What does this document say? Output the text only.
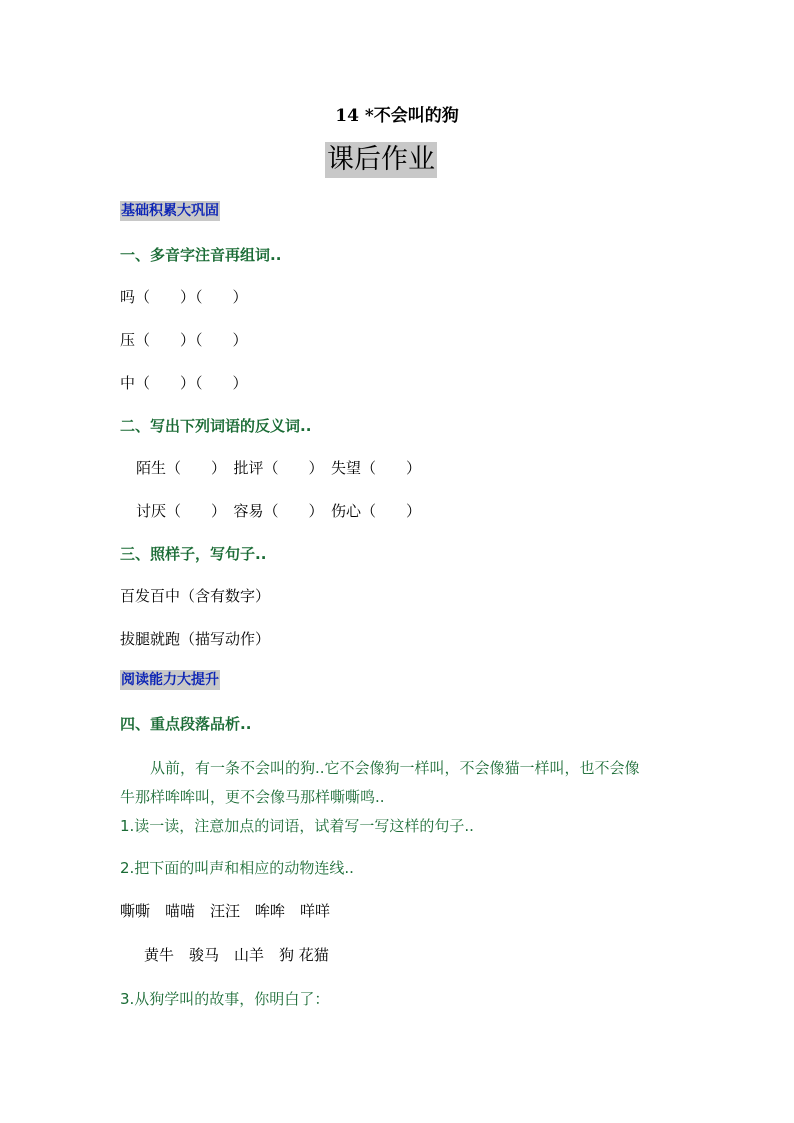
14 *不会叫的狗
课后作业
基础积累大巩固
一、多音字注音再组词..
吗（　　）（　　）
压（　　）（　　）
中（　　）（　　）
二、写出下列词语的反义词..
陌生（　　）　批评（　　）　失望（　　）
讨厌（　　）　容易（　　）　伤心（　　）
三、照样子，写句子..
百发百中（含有数字）
拔腿就跑（描写动作）
阅读能力大提升
四、重点段落品析..
从前，有一条不会叫的狗..它不会像狗一样叫，不会像猫一样叫，也不会像
牛那样哞哞叫，更不会像马那样嘶嘶鸣..
1.读一读，注意加点的词语，试着写一写这样的句子..
2.把下面的叫声和相应的动物连线..
嘶嘶　喵喵　汪汪　哞哞　咩咩
黄牛　骏马　山羊　狗 花猫
3.从狗学叫的故事，你明白了：
